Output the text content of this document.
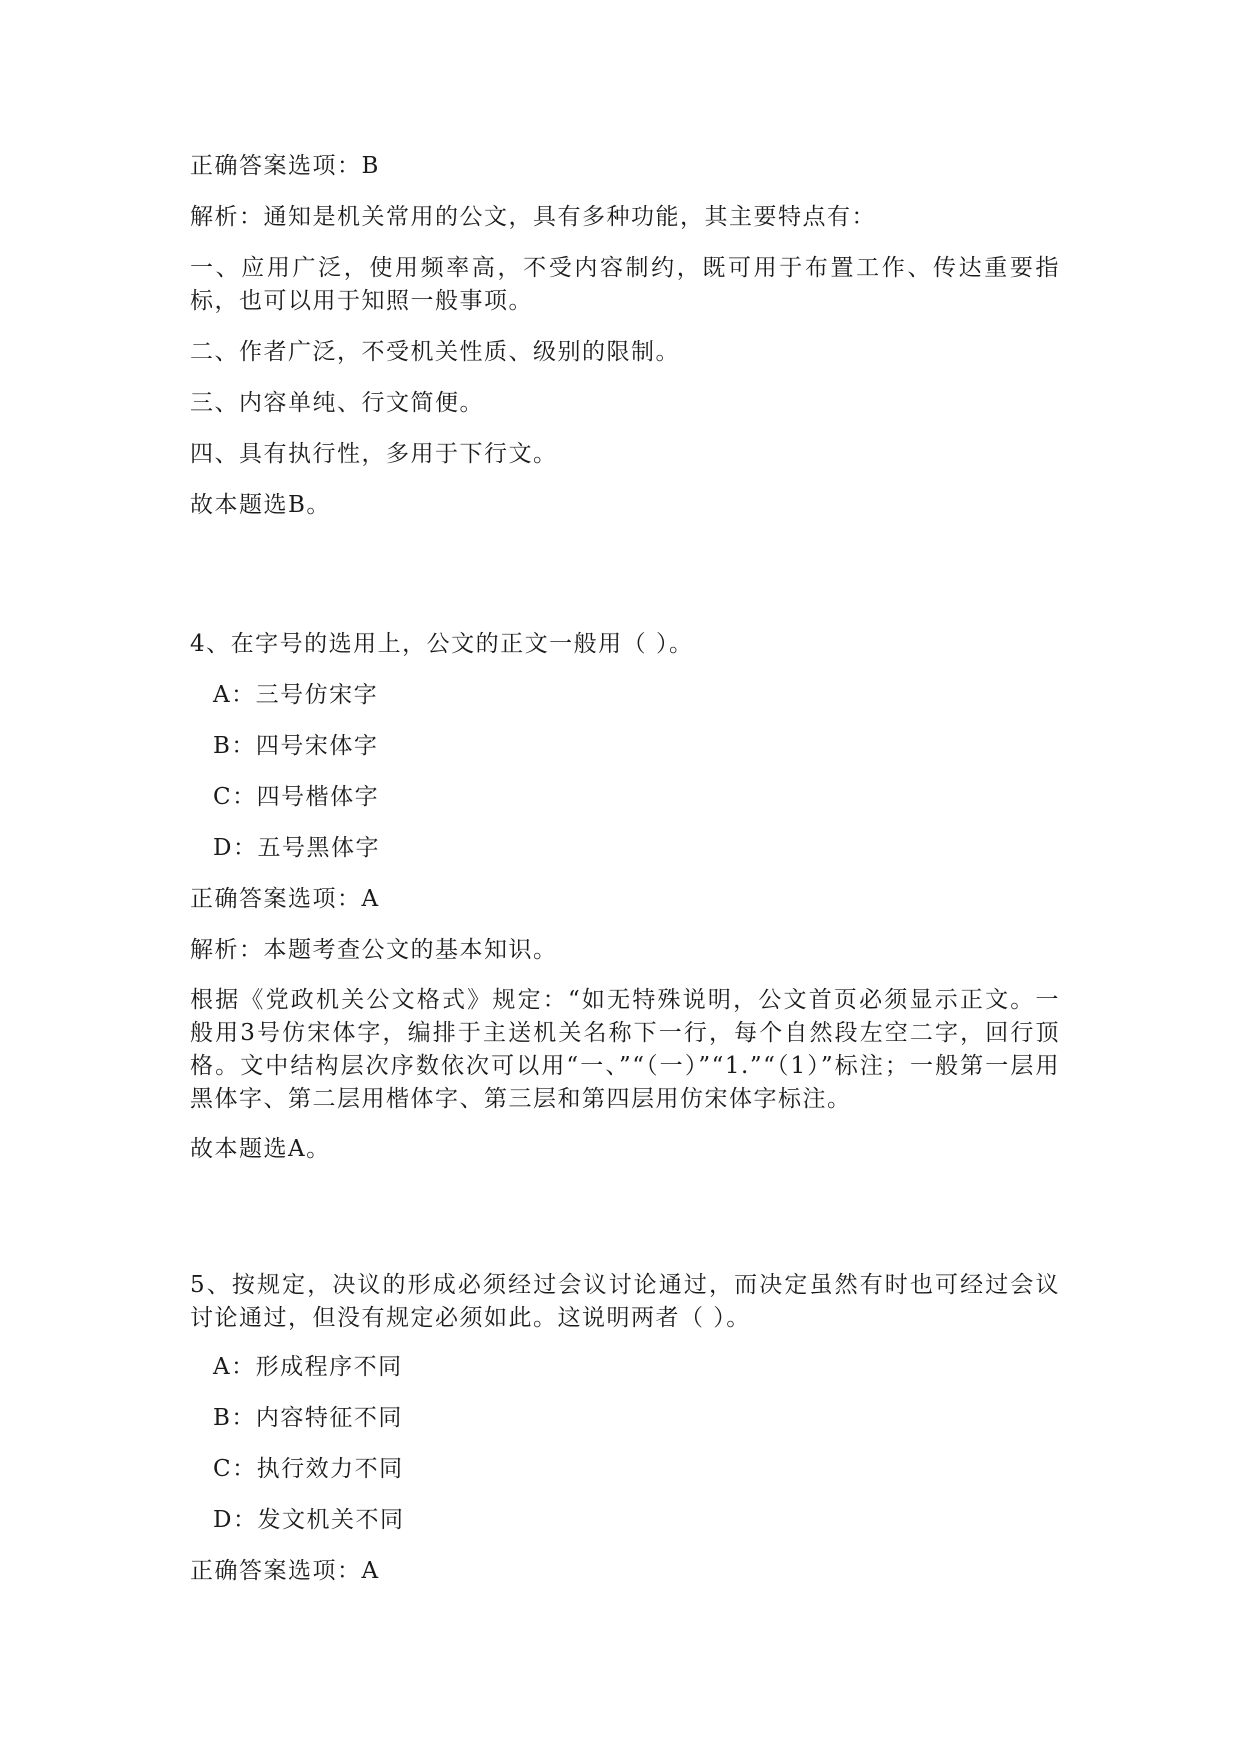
正确答案选项：B
解析：通知是机关常用的公文，具有多种功能，其主要特点有：
一、应用广泛，使用频率高，不受内容制约，既可用于布置工作、传达重要指标，也可以用于知照一般事项。
二、作者广泛，不受机关性质、级别的限制。
三、内容单纯、行文简便。
四、具有执行性，多用于下行文。
故本题选B。
4、在字号的选用上，公文的正文一般用（ ）。
A：三号仿宋字
B：四号宋体字
C：四号楷体字
D：五号黑体字
正确答案选项：A
解析：本题考查公文的基本知识。
根据《党政机关公文格式》规定：“如无特殊说明，公文首页必须显示正文。一般用3号仿宋体字，编排于主送机关名称下一行，每个自然段左空二字，回行顶格。文中结构层次序数依次可以用“一、”“（一）”“1.”“（1）”标注；一般第一层用黑体字、第二层用楷体字、第三层和第四层用仿宋体字标注。
故本题选A。
5、按规定，决议的形成必须经过会议讨论通过，而决定虽然有时也可经过会议讨论通过，但没有规定必须如此。这说明两者（ ）。
A：形成程序不同
B：内容特征不同
C：执行效力不同
D：发文机关不同
正确答案选项：A
